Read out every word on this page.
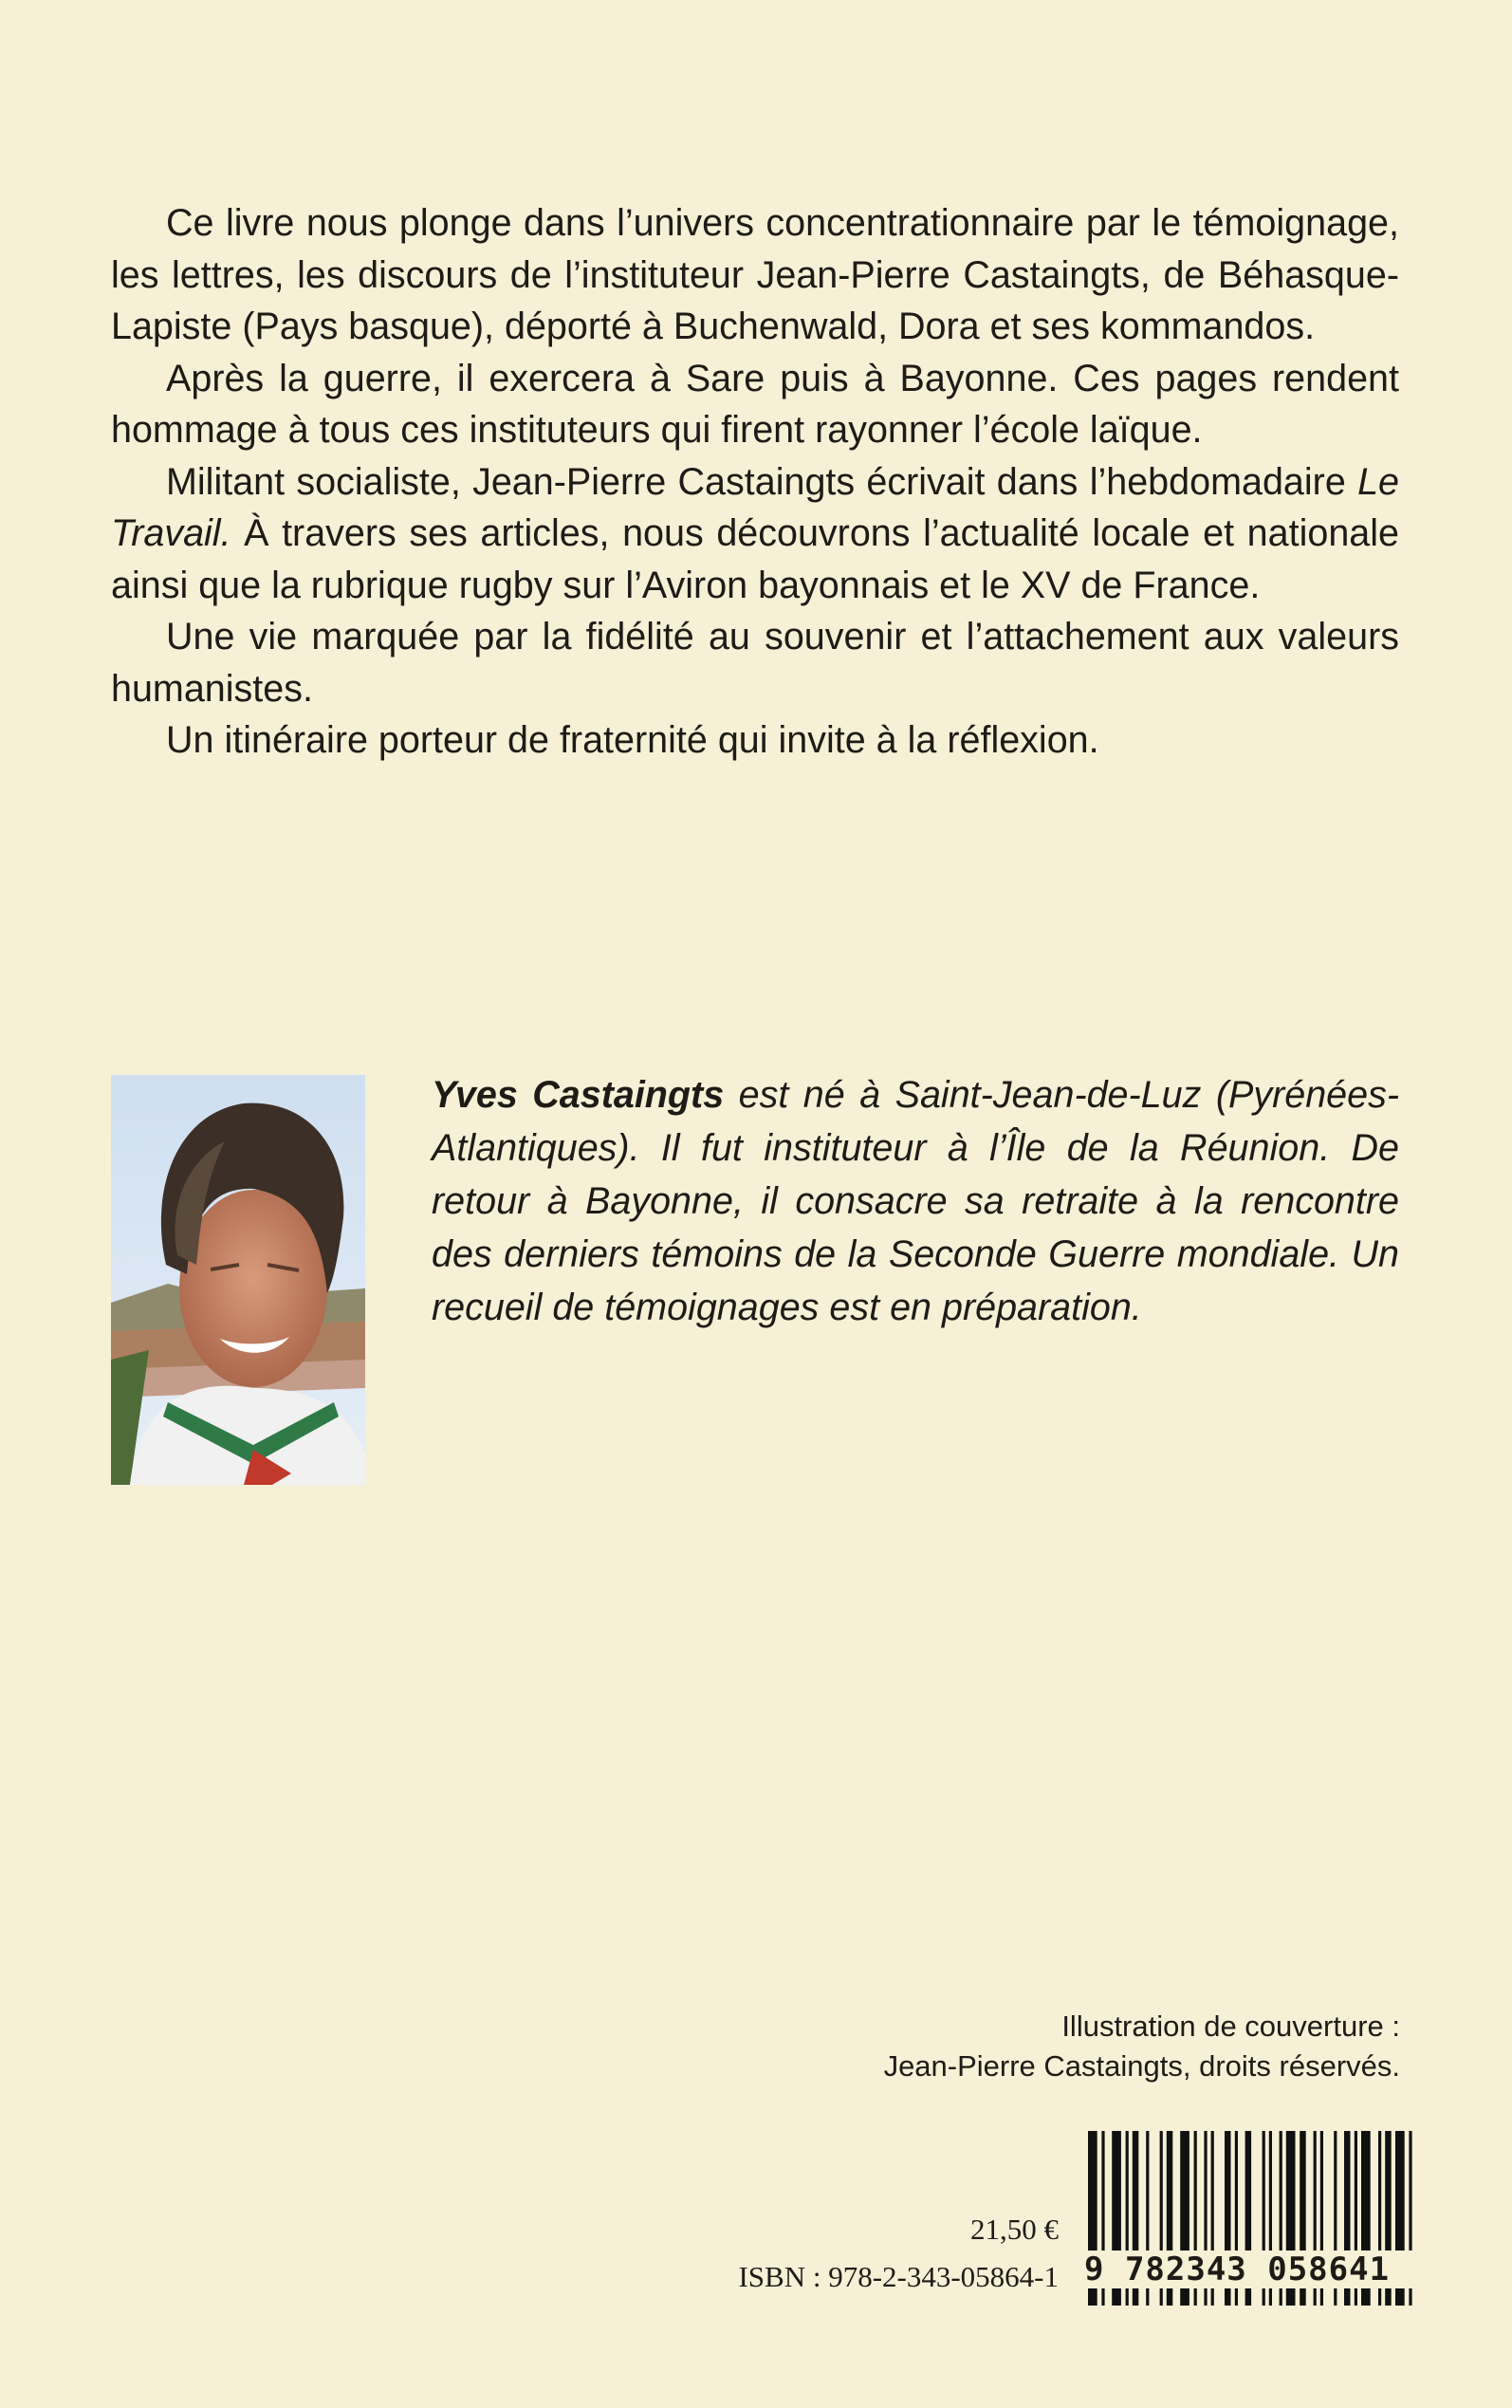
Ce livre nous plonge dans l’univers concentrationnaire par le témoignage, les lettres, les discours de l’instituteur Jean-Pierre Castaingts, de Béhasque-Lapiste (Pays basque), déporté à Buchenwald, Dora et ses kommandos.

Après la guerre, il exercera à Sare puis à Bayonne. Ces pages rendent hommage à tous ces instituteurs qui firent rayonner l’école laïque.

Militant socialiste, Jean-Pierre Castaingts écrivait dans l’hebdomadaire Le Travail. À travers ses articles, nous découvrons l’actualité locale et nationale ainsi que la rubrique rugby sur l’Aviron bayonnais et le XV de France.

Une vie marquée par la fidélité au souvenir et l’attachement aux valeurs humanistes.

Un itinéraire porteur de fraternité qui invite à la réflexion.

Yves Castaingts est né à Saint-Jean-de-Luz (Pyrénées-Atlantiques). Il fut instituteur à l’Île de la Réunion. De retour à Bayonne, il consacre sa retraite à la rencontre des derniers témoins de la Seconde Guerre mondiale. Un recueil de témoignages est en préparation.
Illustration de couverture :
Jean-Pierre Castaingts, droits réservés.
21,50 €
ISBN : 978-2-343-05864-1 9 782343 058641
